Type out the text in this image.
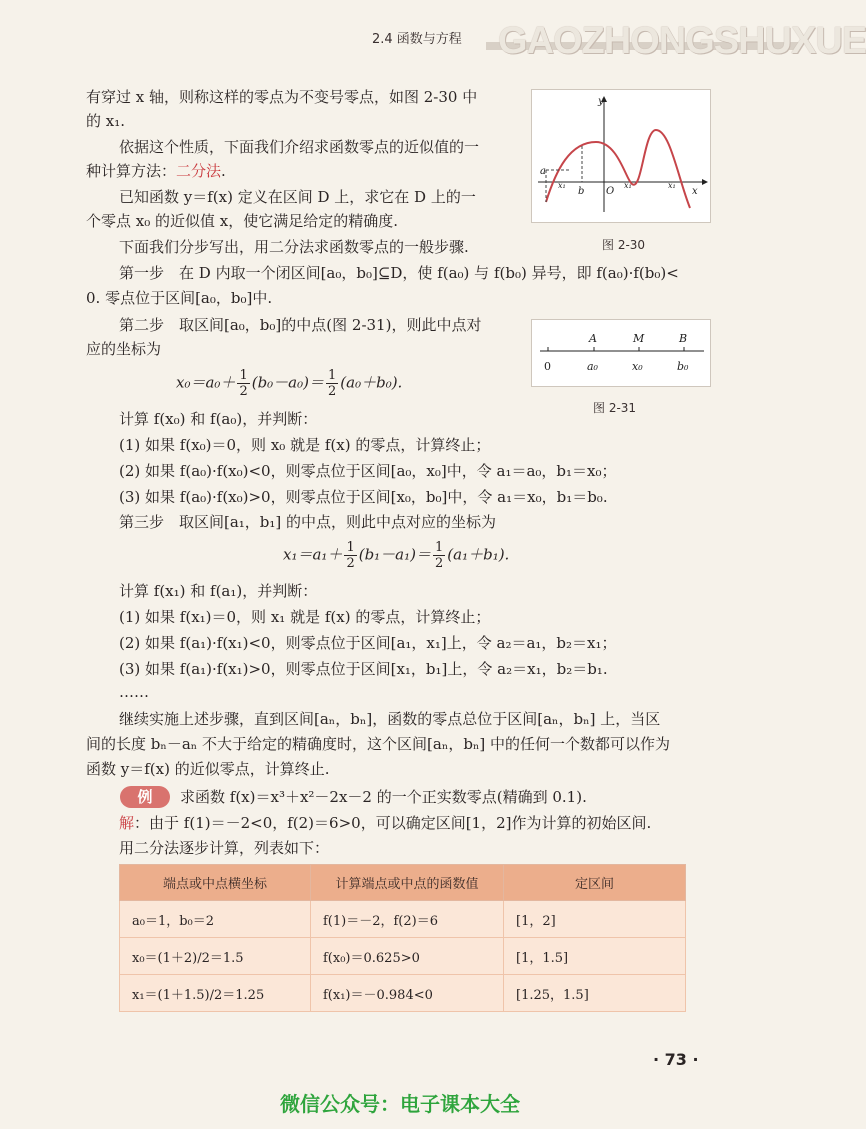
2.4 函数与方程 GAOZHONGSHUXUE
有穿过 x 轴，则称这样的零点为不变号零点，如图 2-30 中
的 x₁.
依据这个性质，下面我们介绍求函数零点的近似值的一
种计算方法：二分法.
已知函数 y＝f(x) 定义在区间 D 上，求它在 D 上的一
个零点 x₀ 的近似值 x，使它满足给定的精确度.
下面我们分步写出，用二分法求函数零点的一般步骤.
第一步　在 D 内取一个闭区间[a₀，b₀]⊆D，使 f(a₀) 与 f(b₀) 异号，即 f(a₀)·f(b₀)<
0. 零点位于区间[a₀，b₀]中.
第二步　取区间[a₀，b₀]的中点(图 2-31)，则此中点对
应的坐标为
$x_0=a_0+ \frac{1}{2} (b_0-a_0)= \frac{1}{2} (a_0+b_0)$.
计算 f(x₀) 和 f(a₀)，并判断：
(1) 如果 f(x₀)＝0，则 x₀ 就是 f(x) 的零点，计算终止；
(2) 如果 f(a₀)·f(x₀)<0，则零点位于区间[a₀，x₀]中，令 a₁＝a₀，b₁＝x₀；
(3) 如果 f(a₀)·f(x₀)>0，则零点位于区间[x₀，b₀]中，令 a₁＝x₀，b₁＝b₀.
第三步　取区间[a₁，b₁] 的中点，则此中点对应的坐标为
$x_1=a_1+ \frac{1}{2} (b_1-a_1)= \frac{1}{2} (a_1+b_1)$.
计算 f(x₁) 和 f(a₁)，并判断：
(1) 如果 f(x₁)＝0，则 x₁ 就是 f(x) 的零点，计算终止；
(2) 如果 f(a₁)·f(x₁)<0，则零点位于区间[a₁，x₁]上，令 a₂＝a₁，b₂＝x₁；
(3) 如果 f(a₁)·f(x₁)>0，则零点位于区间[x₁，b₁]上，令 a₂＝x₁，b₂＝b₁.
……
继续实施上述步骤，直到区间[aₙ，bₙ]，函数的零点总位于区间[aₙ，bₙ] 上，当区
间的长度 bₙ－aₙ 不大于给定的精确度时，这个区间[aₙ，bₙ] 中的任何一个数都可以作为
函数 y＝f(x) 的近似零点，计算终止.
例	求函数 f(x)＝x³＋x²－2x－2 的一个正实数零点(精确到 0.1).
解：由于 f(1)＝－2<0，f(2)＝6>0，可以确定区间[1，2]作为计算的初始区间.
用二分法逐步计算，列表如下：
端点或中点横坐标	计算端点或中点的函数值	定区间
a₀＝1，b₀＝2	f(1)＝－2，f(2)＝6	[1，2]
x₀＝(1＋2)/2＝1.5	f(x₀)＝0.625>0	[1，1.5]
x₁＝(1＋1.5)/2＝1.25	f(x₁)＝－0.984<0	[1.25，1.5]
y
x
O
a
b
x₁	x₁	x₁
图 2-30
A	M	B
0	a₀	x₀	b₀
图 2-31
· 73 ·
微信公众号：电子课本大全
